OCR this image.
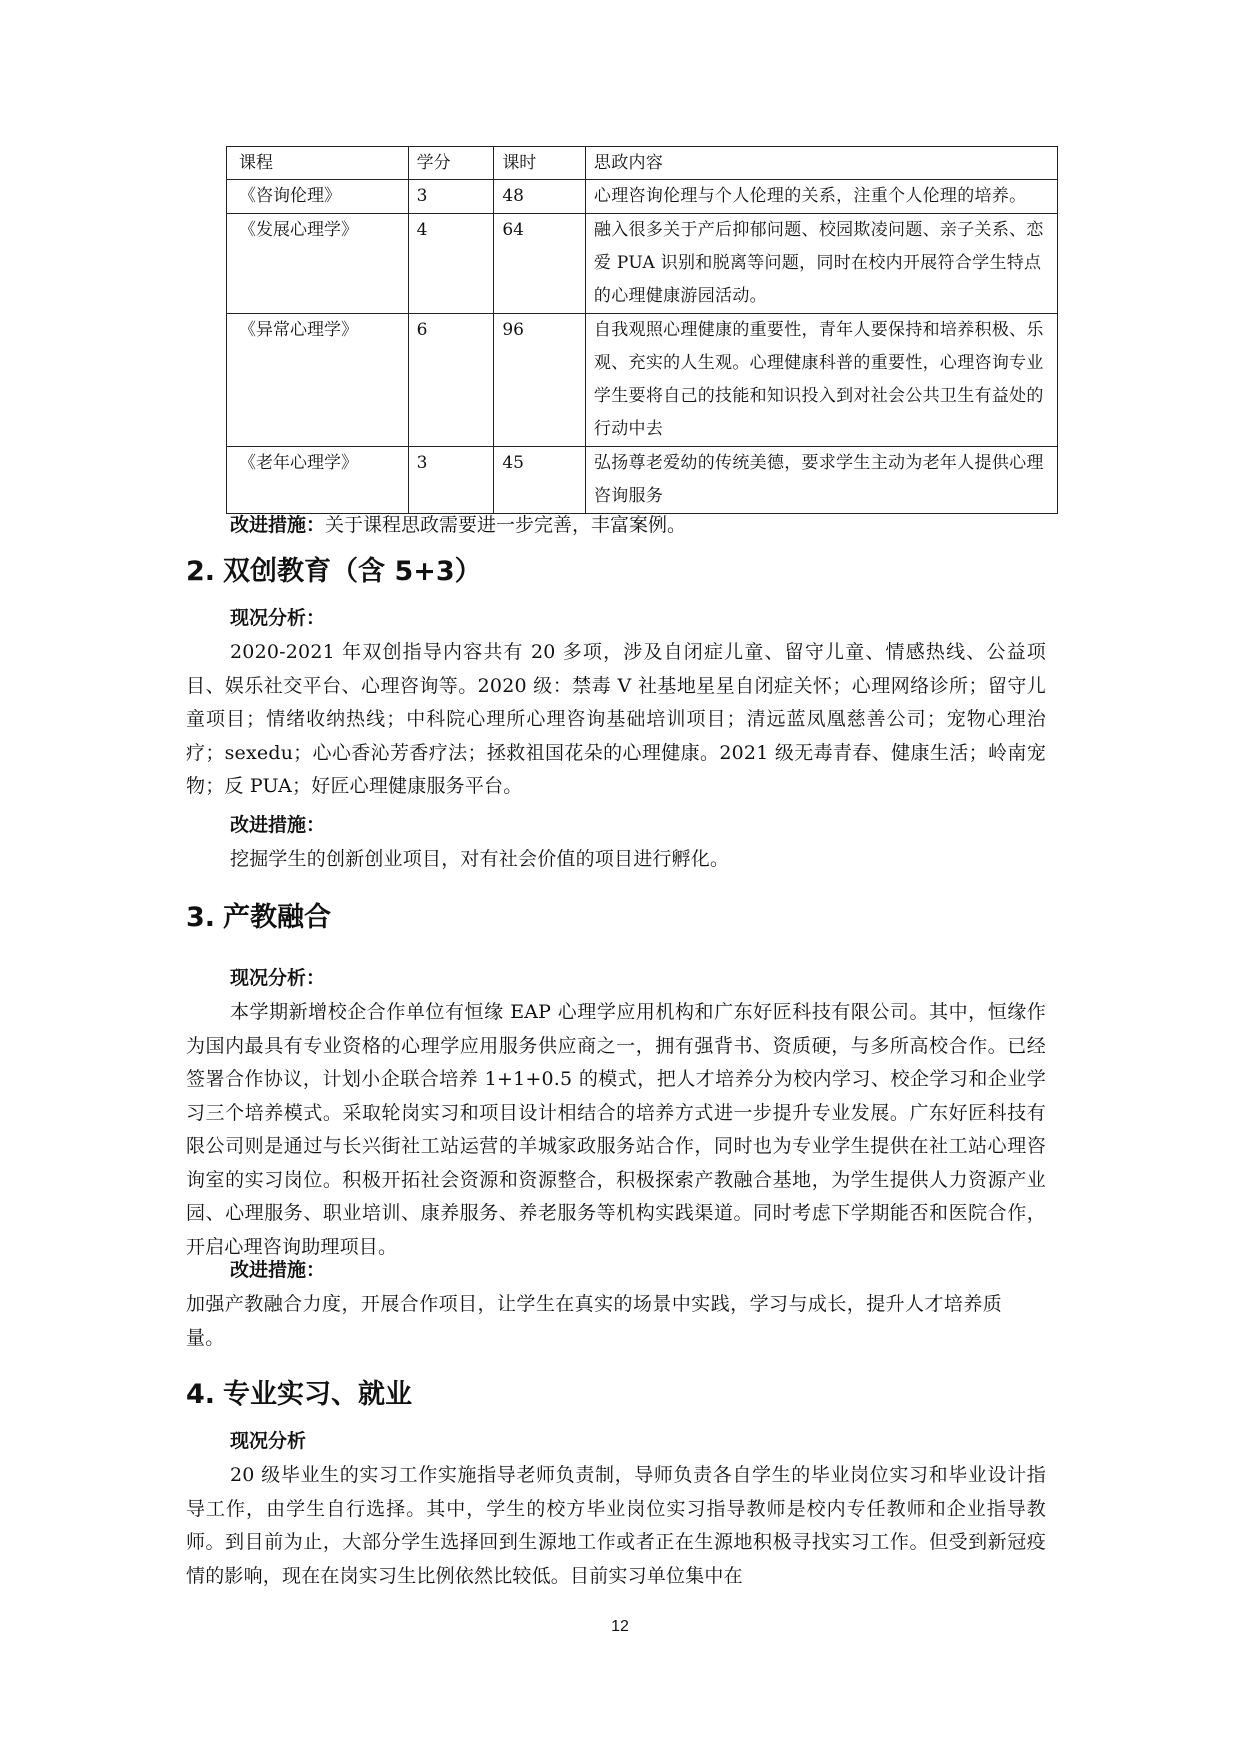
课程	学分	课时	思政内容
《咨询伦理》	3	48	心理咨询伦理与个人伦理的关系，注重个人伦理的培养。
《发展心理学》	4	64	融入很多关于产后抑郁问题、校园欺凌问题、亲子关系、恋爱 PUA 识别和脱离等问题，同时在校内开展符合学生特点的心理健康游园活动。
《异常心理学》	6	96	自我观照心理健康的重要性，青年人要保持和培养积极、乐观、充实的人生观。心理健康科普的重要性，心理咨询专业学生要将自己的技能和知识投入到对社会公共卫生有益处的行动中去
《老年心理学》	3	45	弘扬尊老爱幼的传统美德，要求学生主动为老年人提供心理咨询服务
改进措施：关于课程思政需要进一步完善，丰富案例。
2. 双创教育（含 5+3）
现况分析：
2020-2021 年双创指导内容共有 20 多项，涉及自闭症儿童、留守儿童、情感热线、公益项目、娱乐社交平台、心理咨询等。2020 级：禁毒 V 社基地星星自闭症关怀；心理网络诊所；留守儿童项目；情绪收纳热线；中科院心理所心理咨询基础培训项目；清远蓝凤凰慈善公司；宠物心理治疗；sexedu；心心香沁芳香疗法；拯救祖国花朵的心理健康。2021 级无毒青春、健康生活；岭南宠物；反 PUA；好匠心理健康服务平台。
改进措施：
挖掘学生的创新创业项目，对有社会价值的项目进行孵化。
3. 产教融合
现况分析：
本学期新增校企合作单位有恒缘 EAP 心理学应用机构和广东好匠科技有限公司。其中，恒缘作为国内最具有专业资格的心理学应用服务供应商之一，拥有强背书、资质硬，与多所高校合作。已经签署合作协议，计划小企联合培养 1+1+0.5 的模式，把人才培养分为校内学习、校企学习和企业学习三个培养模式。采取轮岗实习和项目设计相结合的培养方式进一步提升专业发展。广东好匠科技有限公司则是通过与长兴街社工站运营的羊城家政服务站合作，同时也为专业学生提供在社工站心理咨询室的实习岗位。积极开拓社会资源和资源整合，积极探索产教融合基地，为学生提供人力资源产业园、心理服务、职业培训、康养服务、养老服务等机构实践渠道。同时考虑下学期能否和医院合作，开启心理咨询助理项目。
改进措施：
加强产教融合力度，开展合作项目，让学生在真实的场景中实践，学习与成长，提升人才培养质量。
4. 专业实习、就业
现况分析
20 级毕业生的实习工作实施指导老师负责制，导师负责各自学生的毕业岗位实习和毕业设计指导工作，由学生自行选择。其中，学生的校方毕业岗位实习指导教师是校内专任教师和企业指导教师。到目前为止，大部分学生选择回到生源地工作或者正在生源地积极寻找实习工作。但受到新冠疫情的影响，现在在岗实习生比例依然比较低。目前实习单位集中在
12
